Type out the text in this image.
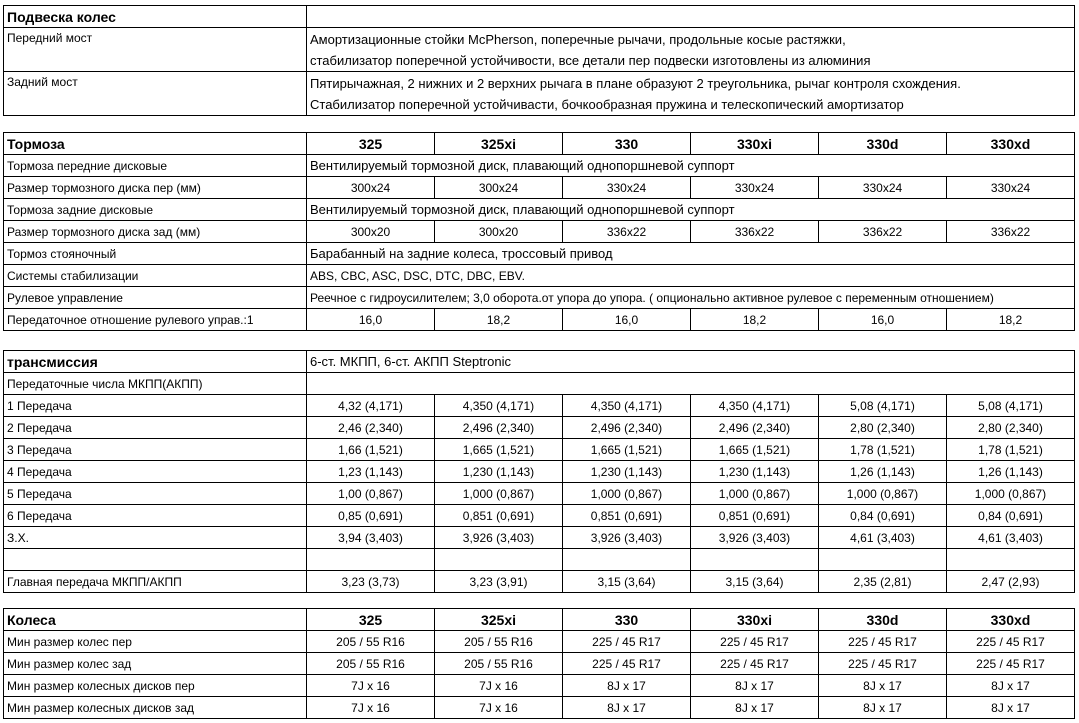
Подвеска колес	
Передний мост	Амортизационные стойки McPherson, поперечные рычачи, продольные косые растяжки,
стабилизатор поперечной устойчивости, все детали пер подвески изготовлены из алюминия

Задний мост	Пятирычажная, 2 нижних и 2 верхних рычага в плане образуют 2 треугольника, рычаг контроля схождения.
Стабилизатор поперечной устойчивасти, бочкообразная пружина и телескопический амортизатор
Тормоза	325	325xi	330	330xi	330d	330xd
Тормоза передние дисковые	Вентилируемый тормозной диск, плавающий однопоршневой суппорт					
Размер тормозного диска пер (мм)	300x24	300x24	330x24	330x24	330x24	330x24
Тормоза задние дисковые	Вентилируемый тормозной диск, плавающий однопоршневой суппорт					
Размер тормозного диска зад (мм)	300x20	300x20	336x22	336x22	336x22	336x22
Тормоз стояночный	Барабанный на задние колеса, троссовый привод					
Системы стабилизации	ABS, CBC, ASC, DSC, DTC, DBC, EBV.					
Рулевое управление	Реечное с гидроусилителем; 3,0 оборота.от упора до упора. ( опционально активное рулевое с переменным отношением)					
Передаточное отношение рулевого управ.:1	16,0	18,2	16,0	18,2	16,0	18,2
трансмиссия	6-ст. МКПП, 6-ст. АКПП Steptronic					
Передаточные числа МКПП(АКПП)						
1 Передача	4,32 (4,171)	4,350 (4,171)	4,350 (4,171)	4,350 (4,171)	5,08 (4,171)	5,08 (4,171)
2 Передача	2,46 (2,340)	2,496 (2,340)	2,496 (2,340)	2,496 (2,340)	2,80 (2,340)	2,80 (2,340)
3 Передача	1,66 (1,521)	1,665 (1,521)	1,665 (1,521)	1,665 (1,521)	1,78 (1,521)	1,78 (1,521)
4 Передача	1,23 (1,143)	1,230 (1,143)	1,230 (1,143)	1,230 (1,143)	1,26 (1,143)	1,26 (1,143)
5 Передача	1,00 (0,867)	1,000 (0,867)	1,000 (0,867)	1,000 (0,867)	1,000 (0,867)	1,000 (0,867)
6 Передача	0,85 (0,691)	0,851 (0,691)	0,851 (0,691)	0,851 (0,691)	0,84 (0,691)	0,84 (0,691)
З.Х.	3,94 (3,403)	3,926 (3,403)	3,926 (3,403)	3,926 (3,403)	4,61 (3,403)	4,61 (3,403)

Главная передача МКПП/АКПП	3,23 (3,73)	3,23 (3,91)	3,15 (3,64)	3,15 (3,64)	2,35 (2,81)	2,47 (2,93)
Колеса	325	325xi	330	330xi	330d	330xd
Мин размер колес пер	205 / 55 R16	205 / 55 R16	225 / 45 R17	225 / 45 R17	225 / 45 R17	225 / 45 R17
Мин размер колес зад	205 / 55 R16	205 / 55 R16	225 / 45 R17	225 / 45 R17	225 / 45 R17	225 / 45 R17
Мин размер колесных дисков пер	7J x 16	7J x 16	8J x 17	8J x 17	8J x 17	8J x 17
Мин размер колесных дисков зад	7J x 16	7J x 16	8J x 17	8J x 17	8J x 17	8J x 17
